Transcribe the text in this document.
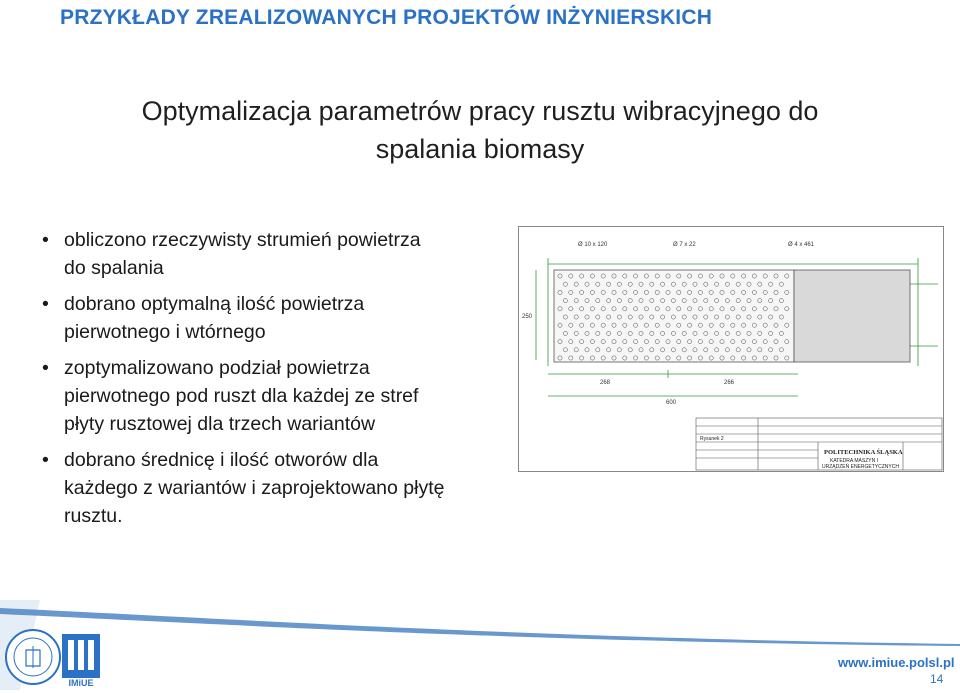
PRZYKŁADY ZREALIZOWANYCH PROJEKTÓW INŻYNIERSKICH
Optymalizacja parametrów pracy rusztu wibracyjnego do
spalania biomasy
• obliczono rzeczywisty strumień powietrza
do spalania
• dobrano optymalną ilość powietrza
pierwotnego i wtórnego
• zoptymalizowano podział powietrza
pierwotnego pod ruszt dla każdej ze stref
płyty rusztowej dla trzech wariantów
• dobrano średnicę i ilość otworów dla
każdego z wariantów i zaprojektowano płytę
rusztu.
Ø 10 x 120	Ø 7 x 22	Ø 4 x 461
250
268	266
600
Rysunek 2
POLITECHNIKA ŚLĄSKA
KATEDRA MASZYN I
URZĄDZEŃ ENERGETYCZNYCH
IMiUE
www.imiue.polsl.pl
14
